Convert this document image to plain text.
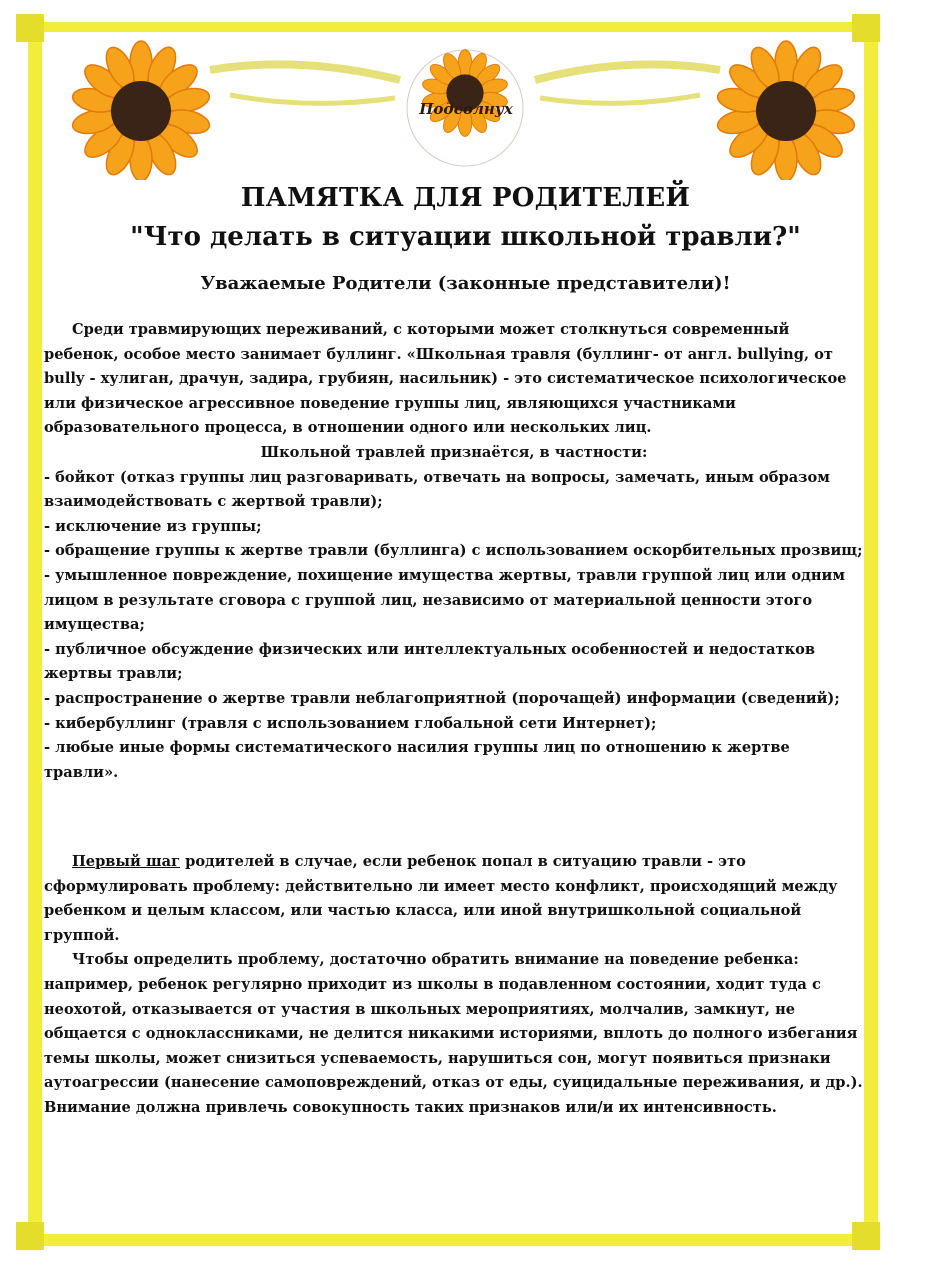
Подсолнух
ПАМЯТКА ДЛЯ РОДИТЕЛЕЙ
"Что делать в ситуации школьной травли?"
Уважаемые Родители (законные представители)!

Среди травмирующих переживаний, с которыми может столкнуться современный ребенок, особое место занимает буллинг. «Школьная травля (буллинг- от англ. bullying, от bully - хулиган, драчун, задира, грубиян, насильник) - это систематическое психологическое или физическое агрессивное поведение группы лиц, являющихся участниками образовательного процесса, в отношении одного или нескольких лиц.

Школьной травлей признаётся, в частности:

- бойкот (отказ группы лиц разговаривать, отвечать на вопросы, замечать, иным образом взаимодействовать с жертвой травли);

- исключение из группы;

- обращение группы к жертве травли (буллинга) с использованием оскорбительных прозвищ;

- умышленное повреждение, похищение имущества жертвы, травли группой лиц или одним лицом в результате сговора с группой лиц, независимо от материальной ценности этого имущества;

- публичное обсуждение физических или интеллектуальных особенностей и недостатков жертвы травли;

- распространение о жертве травли неблагоприятной (порочащей) информации (сведений);

- кибербуллинг (травля с использованием глобальной сети Интернет);

- любые иные формы систематического насилия группы лиц по отношению к жертве травли».

Первый шаг родителей в случае, если ребенок попал в ситуацию травли - это сформулировать проблему: действительно ли имеет место конфликт, происходящий между ребенком и целым классом, или частью класса, или иной внутришкольной социальной группой.

Чтобы определить проблему, достаточно обратить внимание на поведение ребенка: например, ребенок регулярно приходит из школы в подавленном состоянии, ходит туда с неохотой, отказывается от участия в школьных мероприятиях, молчалив, замкнут, не общается с одноклассниками, не делится никакими историями, вплоть до полного избегания темы школы, может снизиться успеваемость, нарушиться сон, могут появиться признаки аутоагрессии (нанесение самоповреждений, отказ от еды, суицидальные переживания, и др.). Внимание должна привлечь совокупность таких признаков или/и их интенсивность.
